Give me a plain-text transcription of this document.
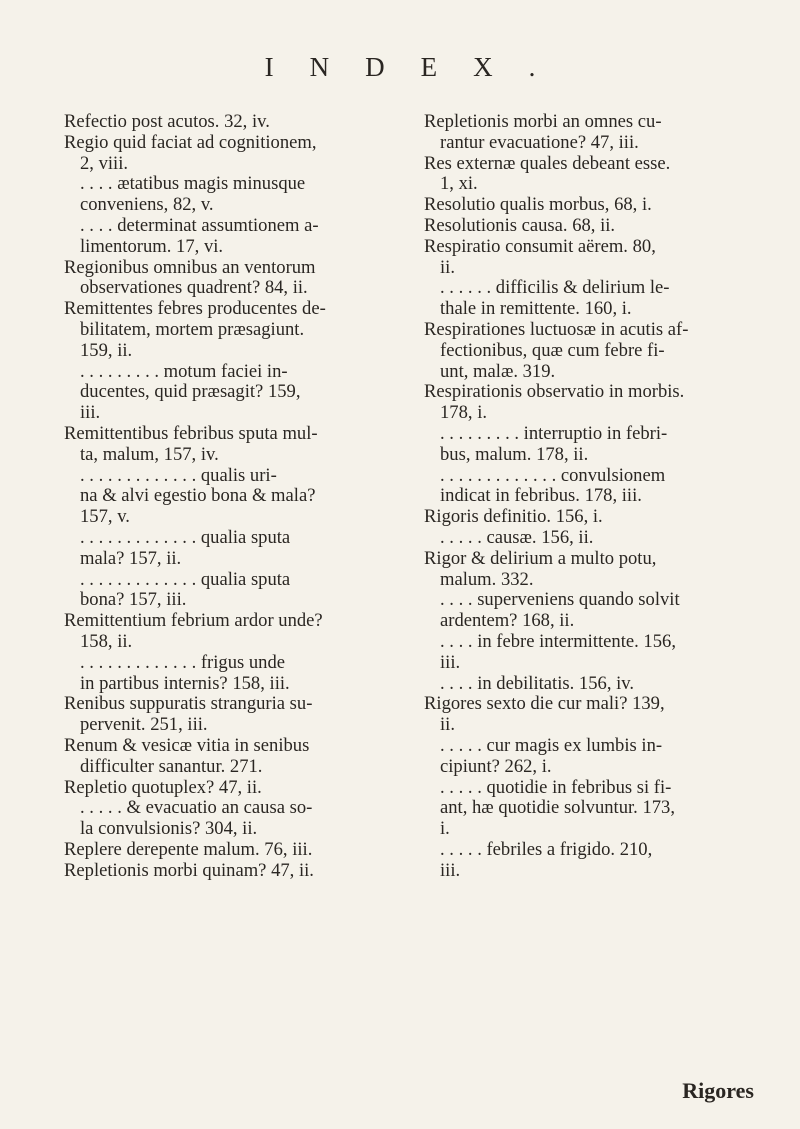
INDEX.
Refectio post acutos. 32, iv.
Regio quid faciat ad cognitionem,
2, viii.
. . . . ætatibus magis minusque
conveniens, 82, v.
. . . . determinat assumtionem a-
limentorum. 17, vi.
Regionibus omnibus an ventorum
observationes quadrent? 84, ii.
Remittentes febres producentes de-
bilitatem, mortem præsagiunt.
159, ii.
. . . . . . . . . motum faciei in-
ducentes, quid præsagit? 159,
iii.
Remittentibus febribus sputa mul-
ta, malum, 157, iv.
. . . . . . . . . . . . . qualis uri-
na & alvi egestio bona & mala?
157, v.
. . . . . . . . . . . . . qualia sputa
mala? 157, ii.
. . . . . . . . . . . . . qualia sputa
bona? 157, iii.
Remittentium febrium ardor unde?
158, ii.
. . . . . . . . . . . . . frigus unde
in partibus internis? 158, iii.
Renibus suppuratis stranguria su-
pervenit. 251, iii.
Renum & vesicæ vitia in senibus
difficulter sanantur. 271.
Repletio quotuplex? 47, ii.
. . . . . & evacuatio an causa so-
la convulsionis? 304, ii.
Replere derepente malum. 76, iii.
Repletionis morbi quinam? 47, ii.
Repletionis morbi an omnes cu-
rantur evacuatione? 47, iii.
Res externæ quales debeant esse.
1, xi.
Resolutio qualis morbus, 68, i.
Resolutionis causa. 68, ii.
Respiratio consumit aërem. 80,
ii.
. . . . . . difficilis & delirium le-
thale in remittente. 160, i.
Respirationes luctuosæ in acutis af-
fectionibus, quæ cum febre fi-
unt, malæ. 319.
Respirationis observatio in morbis.
178, i.
. . . . . . . . . interruptio in febri-
bus, malum. 178, ii.
. . . . . . . . . . . . . convulsionem
indicat in febribus. 178, iii.
Rigoris definitio. 156, i.
. . . . . causæ. 156, ii.
Rigor & delirium a multo potu,
malum. 332.
. . . . superveniens quando solvit
ardentem? 168, ii.
. . . . in febre intermittente. 156,
iii.
. . . . in debilitatis. 156, iv.
Rigores sexto die cur mali? 139,
ii.
. . . . . cur magis ex lumbis in-
cipiunt? 262, i.
. . . . . quotidie in febribus si fi-
ant, hæ quotidie solvuntur. 173,
i.
. . . . . febriles a frigido. 210,
iii.
Rigores
